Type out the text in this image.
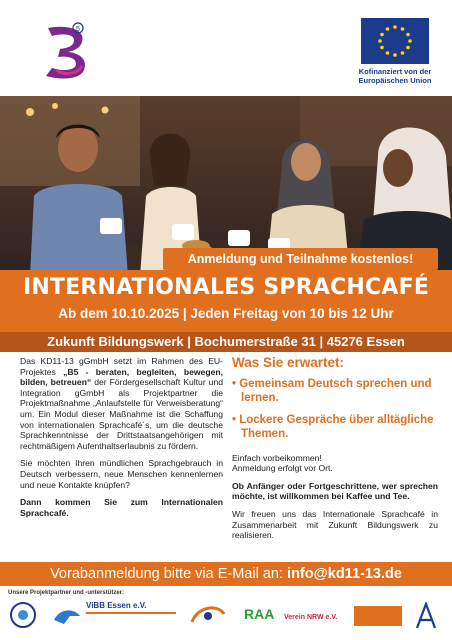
5
Kofinanziert von der
Europäischen Union
Anmeldung und Teilnahme kostenlos!
INTERNATIONALES SPRACHCAFÉ
Ab dem 10.10.2025 | Jeden Freitag von 10 bis 12 Uhr
Zukunft Bildungswerk | Bochumerstraße 31 | 45276 Essen

Das KD11-13 gGmbH setzt im Rahmen des EU-Projektes „B5 - beraten, begleiten, bewegen, bilden, betreuen“ der Fördergesellschaft Kultur und Integration gGmbH als Projektpartner die Projektmaßnahme „Anlaufstelle für Verweisberatung“ um. Ein Modul dieser Maßnahme ist die Schaffung von internationalen Sprachcafé´s, um die deutsche Sprachkenntnisse der Drittstaatsangehörigen mit rechtmäßigem Aufenthaltserlaubnis zu fördern.

Sie möchten Ihren mündlichen Sprachgebrauch in Deutsch verbessern, neue Menschen kennenlernen und neue Kontakte knüpfen?

Dann kommen Sie zum Internationalen Sprachcafé.

Was Sie erwartet:
• Gemeinsam Deutsch sprechen und lernen.
• Lockere Gespräche über alltägliche Themen.

Einfach vorbeikommen!
Anmeldung erfolgt vor Ort.

Ob Anfänger oder Fortgeschrittene, wer sprechen möchte, ist willkommen bei Kaffee und Tee.

Wir freuen uns das Internationale Sprachcafé in Zusammenarbeit mit Zukunft Bildungswerk zu realisieren.

Vorabanmeldung bitte via E-Mail an: info@kd11-13.de
Unsere Projektpartner und -unterstützer:
ViBB Essen e.V.
RAA	Verein NRW e.V.
